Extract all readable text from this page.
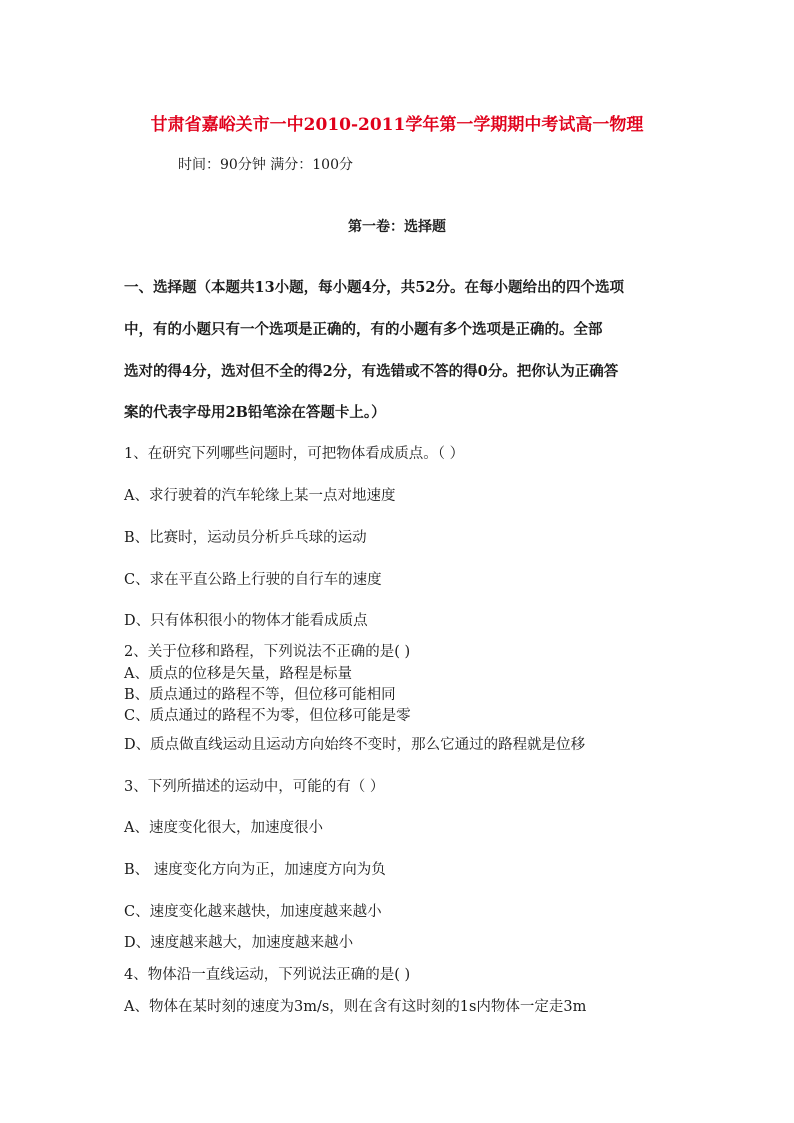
甘肃省嘉峪关市一中2010-2011学年第一学期期中考试高一物理
时间：90分钟 满分：100分
第一卷：选择题
一、选择题（本题共13小题，每小题4分，共52分。在每小题给出的四个选项
中，有的小题只有一个选项是正确的，有的小题有多个选项是正确的。全部
选对的得4分，选对但不全的得2分，有选错或不答的得0分。把你认为正确答
案的代表字母用2B铅笔涂在答题卡上。）
1、在研究下列哪些问题时，可把物体看成质点。（ ）
A、求行驶着的汽车轮缘上某一点对地速度
B、比赛时，运动员分析乒乓球的运动
C、求在平直公路上行驶的自行车的速度
D、只有体积很小的物体才能看成质点
2、关于位移和路程，下列说法不正确的是( )
A、质点的位移是矢量，路程是标量
B、质点通过的路程不等，但位移可能相同
C、质点通过的路程不为零，但位移可能是零
D、质点做直线运动且运动方向始终不变时，那么它通过的路程就是位移
3、下列所描述的运动中，可能的有（ ）
A、速度变化很大，加速度很小
B、 速度变化方向为正，加速度方向为负
C、速度变化越来越快，加速度越来越小
D、速度越来越大，加速度越来越小
4、物体沿一直线运动，下列说法正确的是( )
A、物体在某时刻的速度为3m/s，则在含有这时刻的1s内物体一定走3m
